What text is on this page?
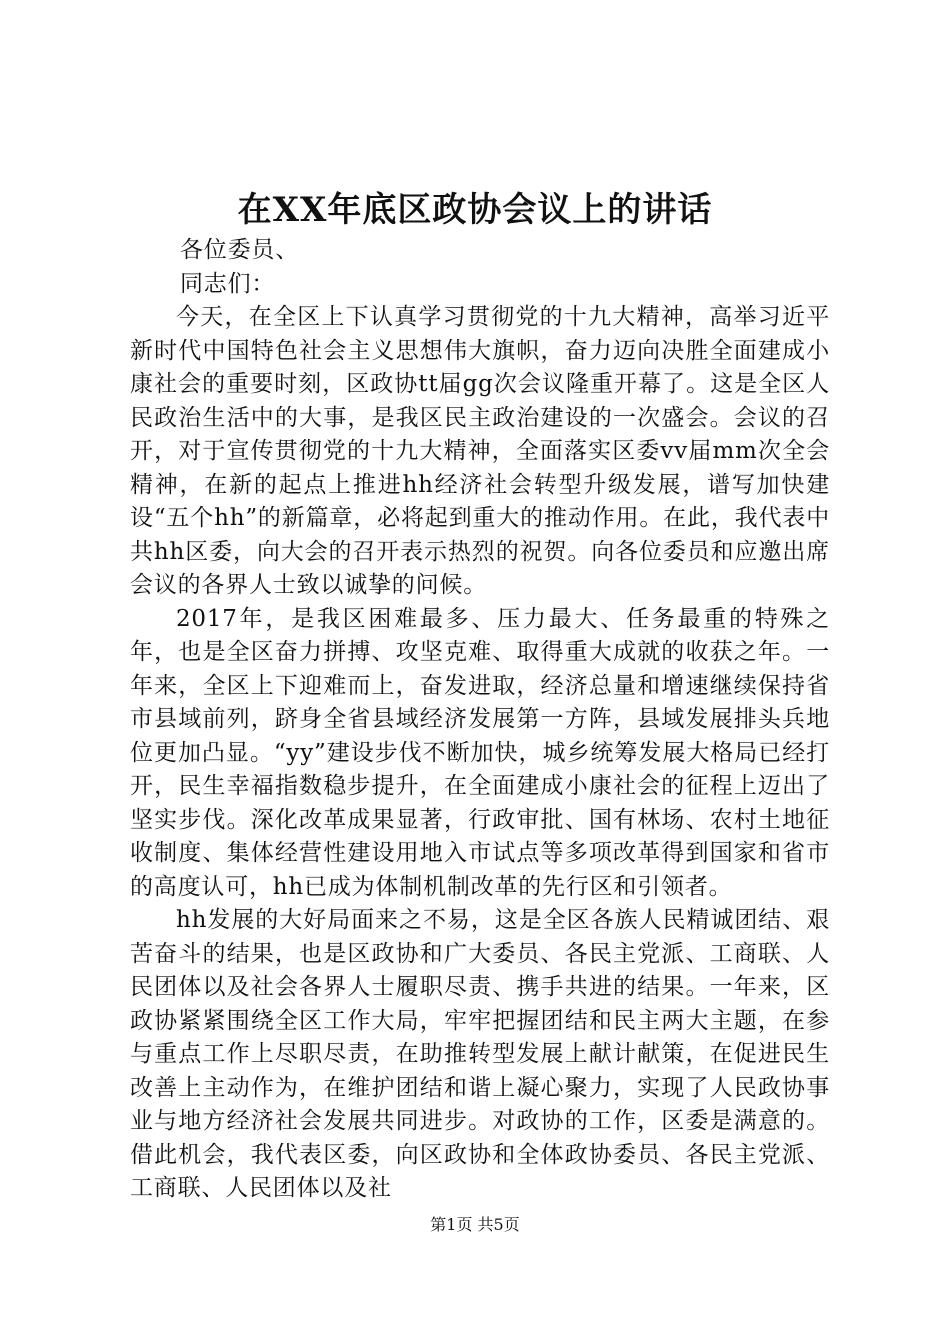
在XX年底区政协会议上的讲话

各位委员、

同志们：

今天，在全区上下认真学习贯彻党的十九大精神，高举习近平新时代中国特色社会主义思想伟大旗帜，奋力迈向决胜全面建成小康社会的重要时刻，区政协tt届gg次会议隆重开幕了。这是全区人民政治生活中的大事，是我区民主政治建设的一次盛会。会议的召开，对于宣传贯彻党的十九大精神，全面落实区委vv届mm次全会精神，在新的起点上推进hh经济社会转型升级发展，谱写加快建设“五个hh”的新篇章，必将起到重大的推动作用。在此，我代表中共hh区委，向大会的召开表示热烈的祝贺。向各位委员和应邀出席会议的各界人士致以诚挚的问候。

2017年，是我区困难最多、压力最大、任务最重的特殊之年，也是全区奋力拼搏、攻坚克难、取得重大成就的收获之年。一年来，全区上下迎难而上，奋发进取，经济总量和增速继续保持省市县域前列，跻身全省县域经济发展第一方阵，县域发展排头兵地位更加凸显。“yy”建设步伐不断加快，城乡统筹发展大格局已经打开，民生幸福指数稳步提升，在全面建成小康社会的征程上迈出了坚实步伐。深化改革成果显著，行政审批、国有林场、农村土地征收制度、集体经营性建设用地入市试点等多项改革得到国家和省市的高度认可，hh已成为体制机制改革的先行区和引领者。

hh发展的大好局面来之不易，这是全区各族人民精诚团结、艰苦奋斗的结果，也是区政协和广大委员、各民主党派、工商联、人民团体以及社会各界人士履职尽责、携手共进的结果。一年来，区政协紧紧围绕全区工作大局，牢牢把握团结和民主两大主题，在参与重点工作上尽职尽责，在助推转型发展上献计献策，在促进民生改善上主动作为，在维护团结和谐上凝心聚力，实现了人民政协事业与地方经济社会发展共同进步。对政协的工作，区委是满意的。借此机会，我代表区委，向区政协和全体政协委员、各民主党派、工商联、人民团体以及社

第1页 共5页
